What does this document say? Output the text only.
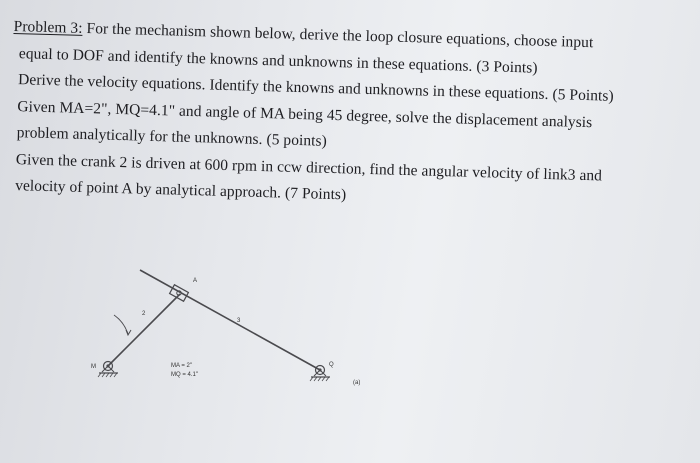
Problem 3: For the mechanism shown below, derive the loop closure equations, choose input
equal to DOF and identify the knowns and unknowns in these equations. (3 Points)
Derive the velocity equations. Identify the knowns and unknowns in these equations. (5 Points)
Given MA=2", MQ=4.1" and angle of MA being 45 degree, solve the displacement analysis
problem analytically for the unknowns. (5 points)
Given the crank 2 is driven at 600 rpm in ccw direction, find the angular velocity of link3 and
velocity of point A by analytical approach. (7 Points)
A
M	Q
2
3
MA = 2"
MQ = 4.1"
(a)
